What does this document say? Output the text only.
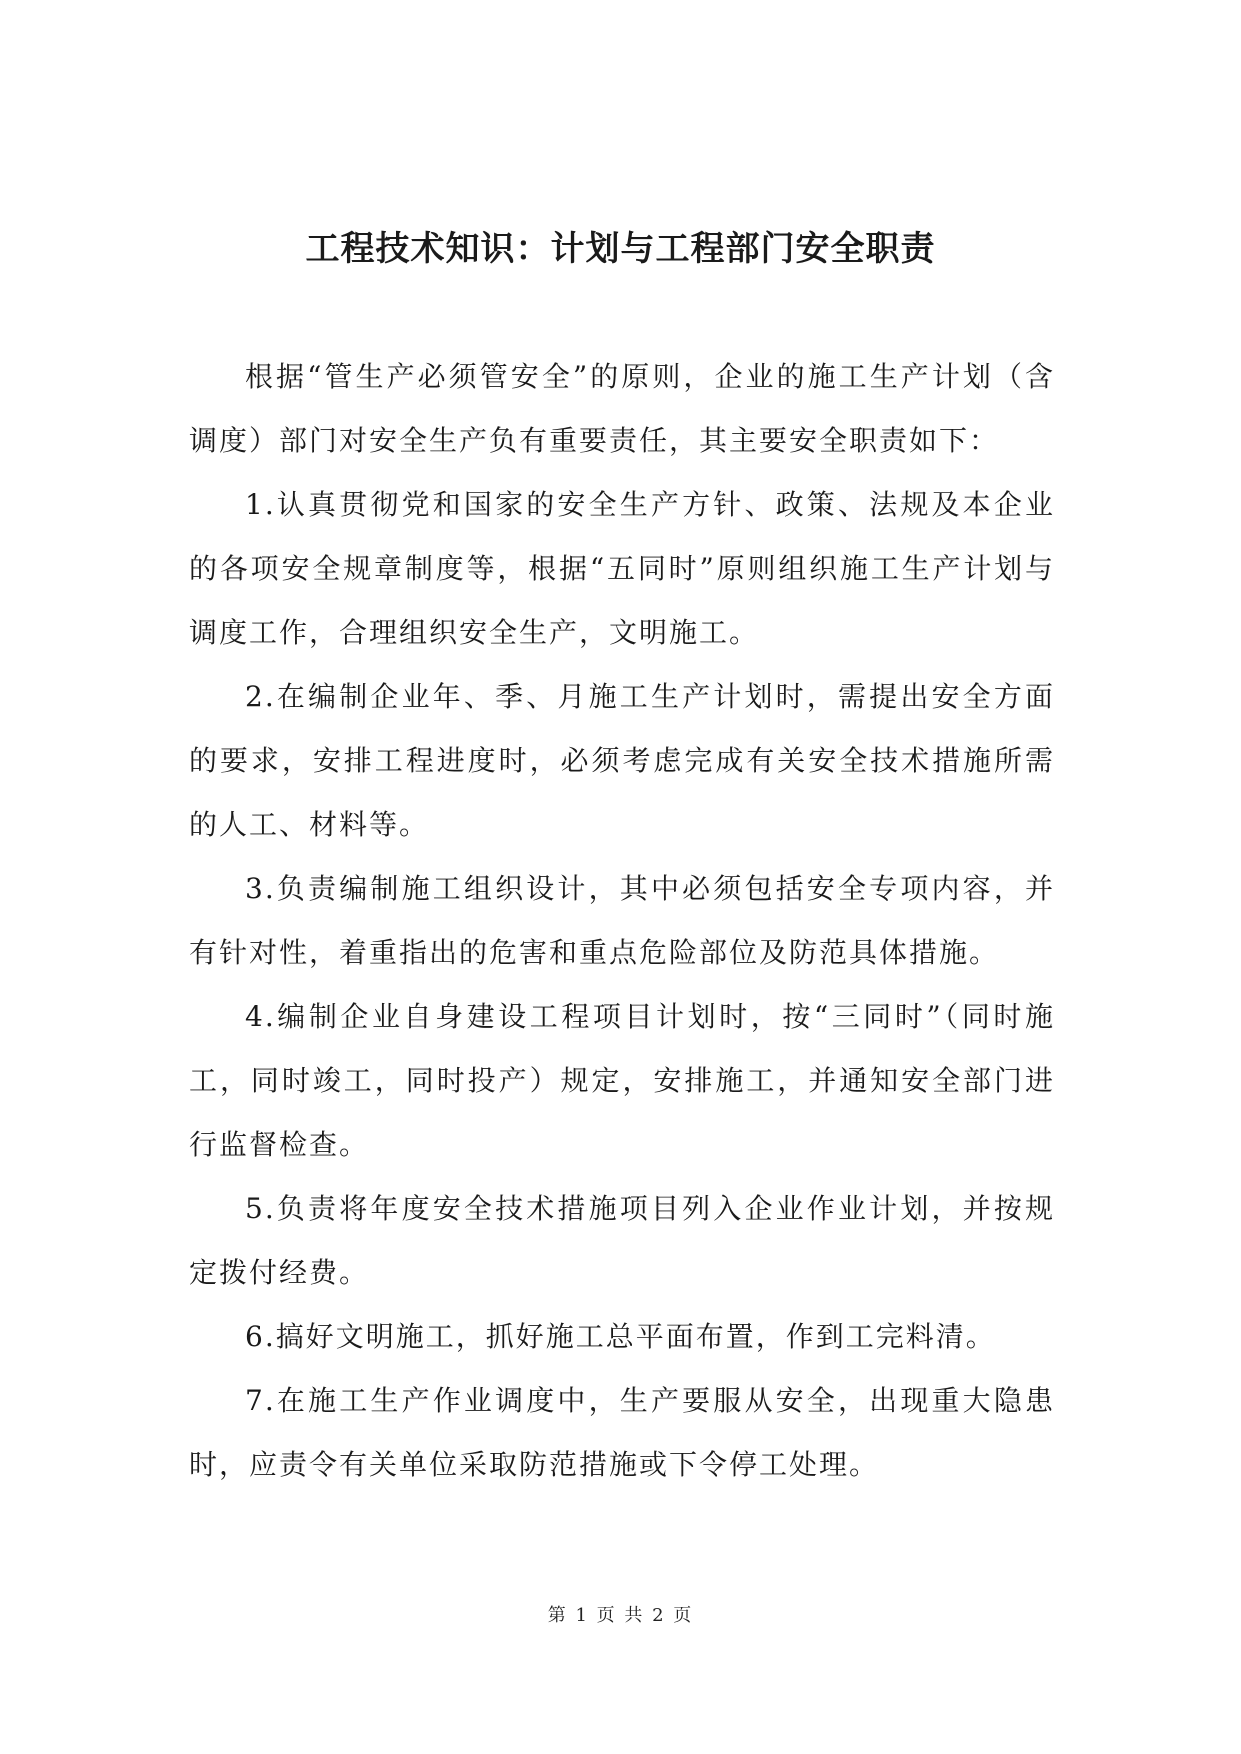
工程技术知识：计划与工程部门安全职责

根据“管生产必须管安全”的原则，企业的施工生产计划（含调度）部门对安全生产负有重要责任，其主要安全职责如下：

1.认真贯彻党和国家的安全生产方针、政策、法规及本企业的各项安全规章制度等，根据“五同时”原则组织施工生产计划与调度工作，合理组织安全生产，文明施工。

2.在编制企业年、季、月施工生产计划时，需提出安全方面的要求，安排工程进度时，必须考虑完成有关安全技术措施所需的人工、材料等。

3.负责编制施工组织设计，其中必须包括安全专项内容，并有针对性，着重指出的危害和重点危险部位及防范具体措施。

4.编制企业自身建设工程项目计划时，按“三同时”（同时施工，同时竣工，同时投产）规定，安排施工，并通知安全部门进行监督检查。

5.负责将年度安全技术措施项目列入企业作业计划，并按规定拨付经费。

6.搞好文明施工，抓好施工总平面布置，作到工完料清。

7.在施工生产作业调度中，生产要服从安全，出现重大隐患时，应责令有关单位采取防范措施或下令停工处理。

第 1 页 共 2 页
